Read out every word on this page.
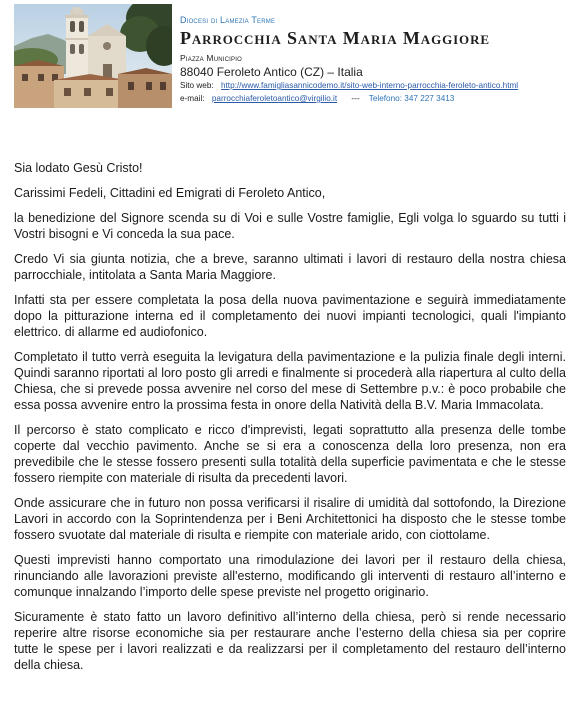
Diocesi di Lamezia Terme
Parrocchia Santa Maria Maggiore
Piazza Municipio
88040 Feroleto Antico (CZ) – Italia
Sito web: http://www.famigliasannicodemo.it/sito-web-interno-parrocchia-feroleto-antico.html
e-mail: parrocchiaferoletoantico@virgilio.it --- Telefono: 347 227 3413

Sia lodato Gesù Cristo!

Carissimi Fedeli, Cittadini ed Emigrati di Feroleto Antico,

la benedizione del Signore scenda su di Voi e sulle Vostre famiglie, Egli volga lo sguardo su tutti i Vostri bisogni e Vi conceda la sua pace.

Credo Vi sia giunta notizia, che a breve, saranno ultimati i lavori di restauro della nostra chiesa parrocchiale, intitolata a Santa Maria Maggiore.

Infatti sta per essere completata la posa della nuova pavimentazione e seguirà immediatamente dopo la pitturazione interna ed il completamento dei nuovi impianti tecnologici, quali l'impianto elettrico. di allarme ed audiofonico.

Completato il tutto verrà eseguita la levigatura della pavimentazione e la pulizia finale degli interni. Quindi saranno riportati al loro posto gli arredi e finalmente si procederà alla riapertura al culto della Chiesa, che si prevede possa avvenire nel corso del mese di Settembre p.v.: è poco probabile che essa possa avvenire entro la prossima festa in onore della Natività della B.V. Maria Immacolata.

Il percorso è stato complicato e ricco d'imprevisti, legati soprattutto alla presenza delle tombe coperte dal vecchio pavimento. Anche se si era a conoscenza della loro presenza, non era prevedibile che le stesse fossero presenti sulla totalità della superficie pavimentata e che le stesse fossero riempite con materiale di risulta da precedenti lavori.

Onde assicurare che in futuro non possa verificarsi il risalire di umidità dal sottofondo, la Direzione Lavori in accordo con la Soprintendenza per i Beni Architettonici ha disposto che le stesse tombe fossero svuotate dal materiale di risulta e riempite con materiale arido, con ciottolame.

Questi imprevisti hanno comportato una rimodulazione dei lavori per il restauro della chiesa, rinunciando alle lavorazioni previste all'esterno, modificando gli interventi di restauro all’interno e comunque innalzando l’importo delle spese previste nel progetto originario.

Sicuramente è stato fatto un lavoro definitivo all’interno della chiesa, però si rende necessario reperire altre risorse economiche sia per restaurare anche l’esterno della chiesa sia per coprire tutte le spese per i lavori realizzati e da realizzarsi per il completamento del restauro dell’interno della chiesa.
